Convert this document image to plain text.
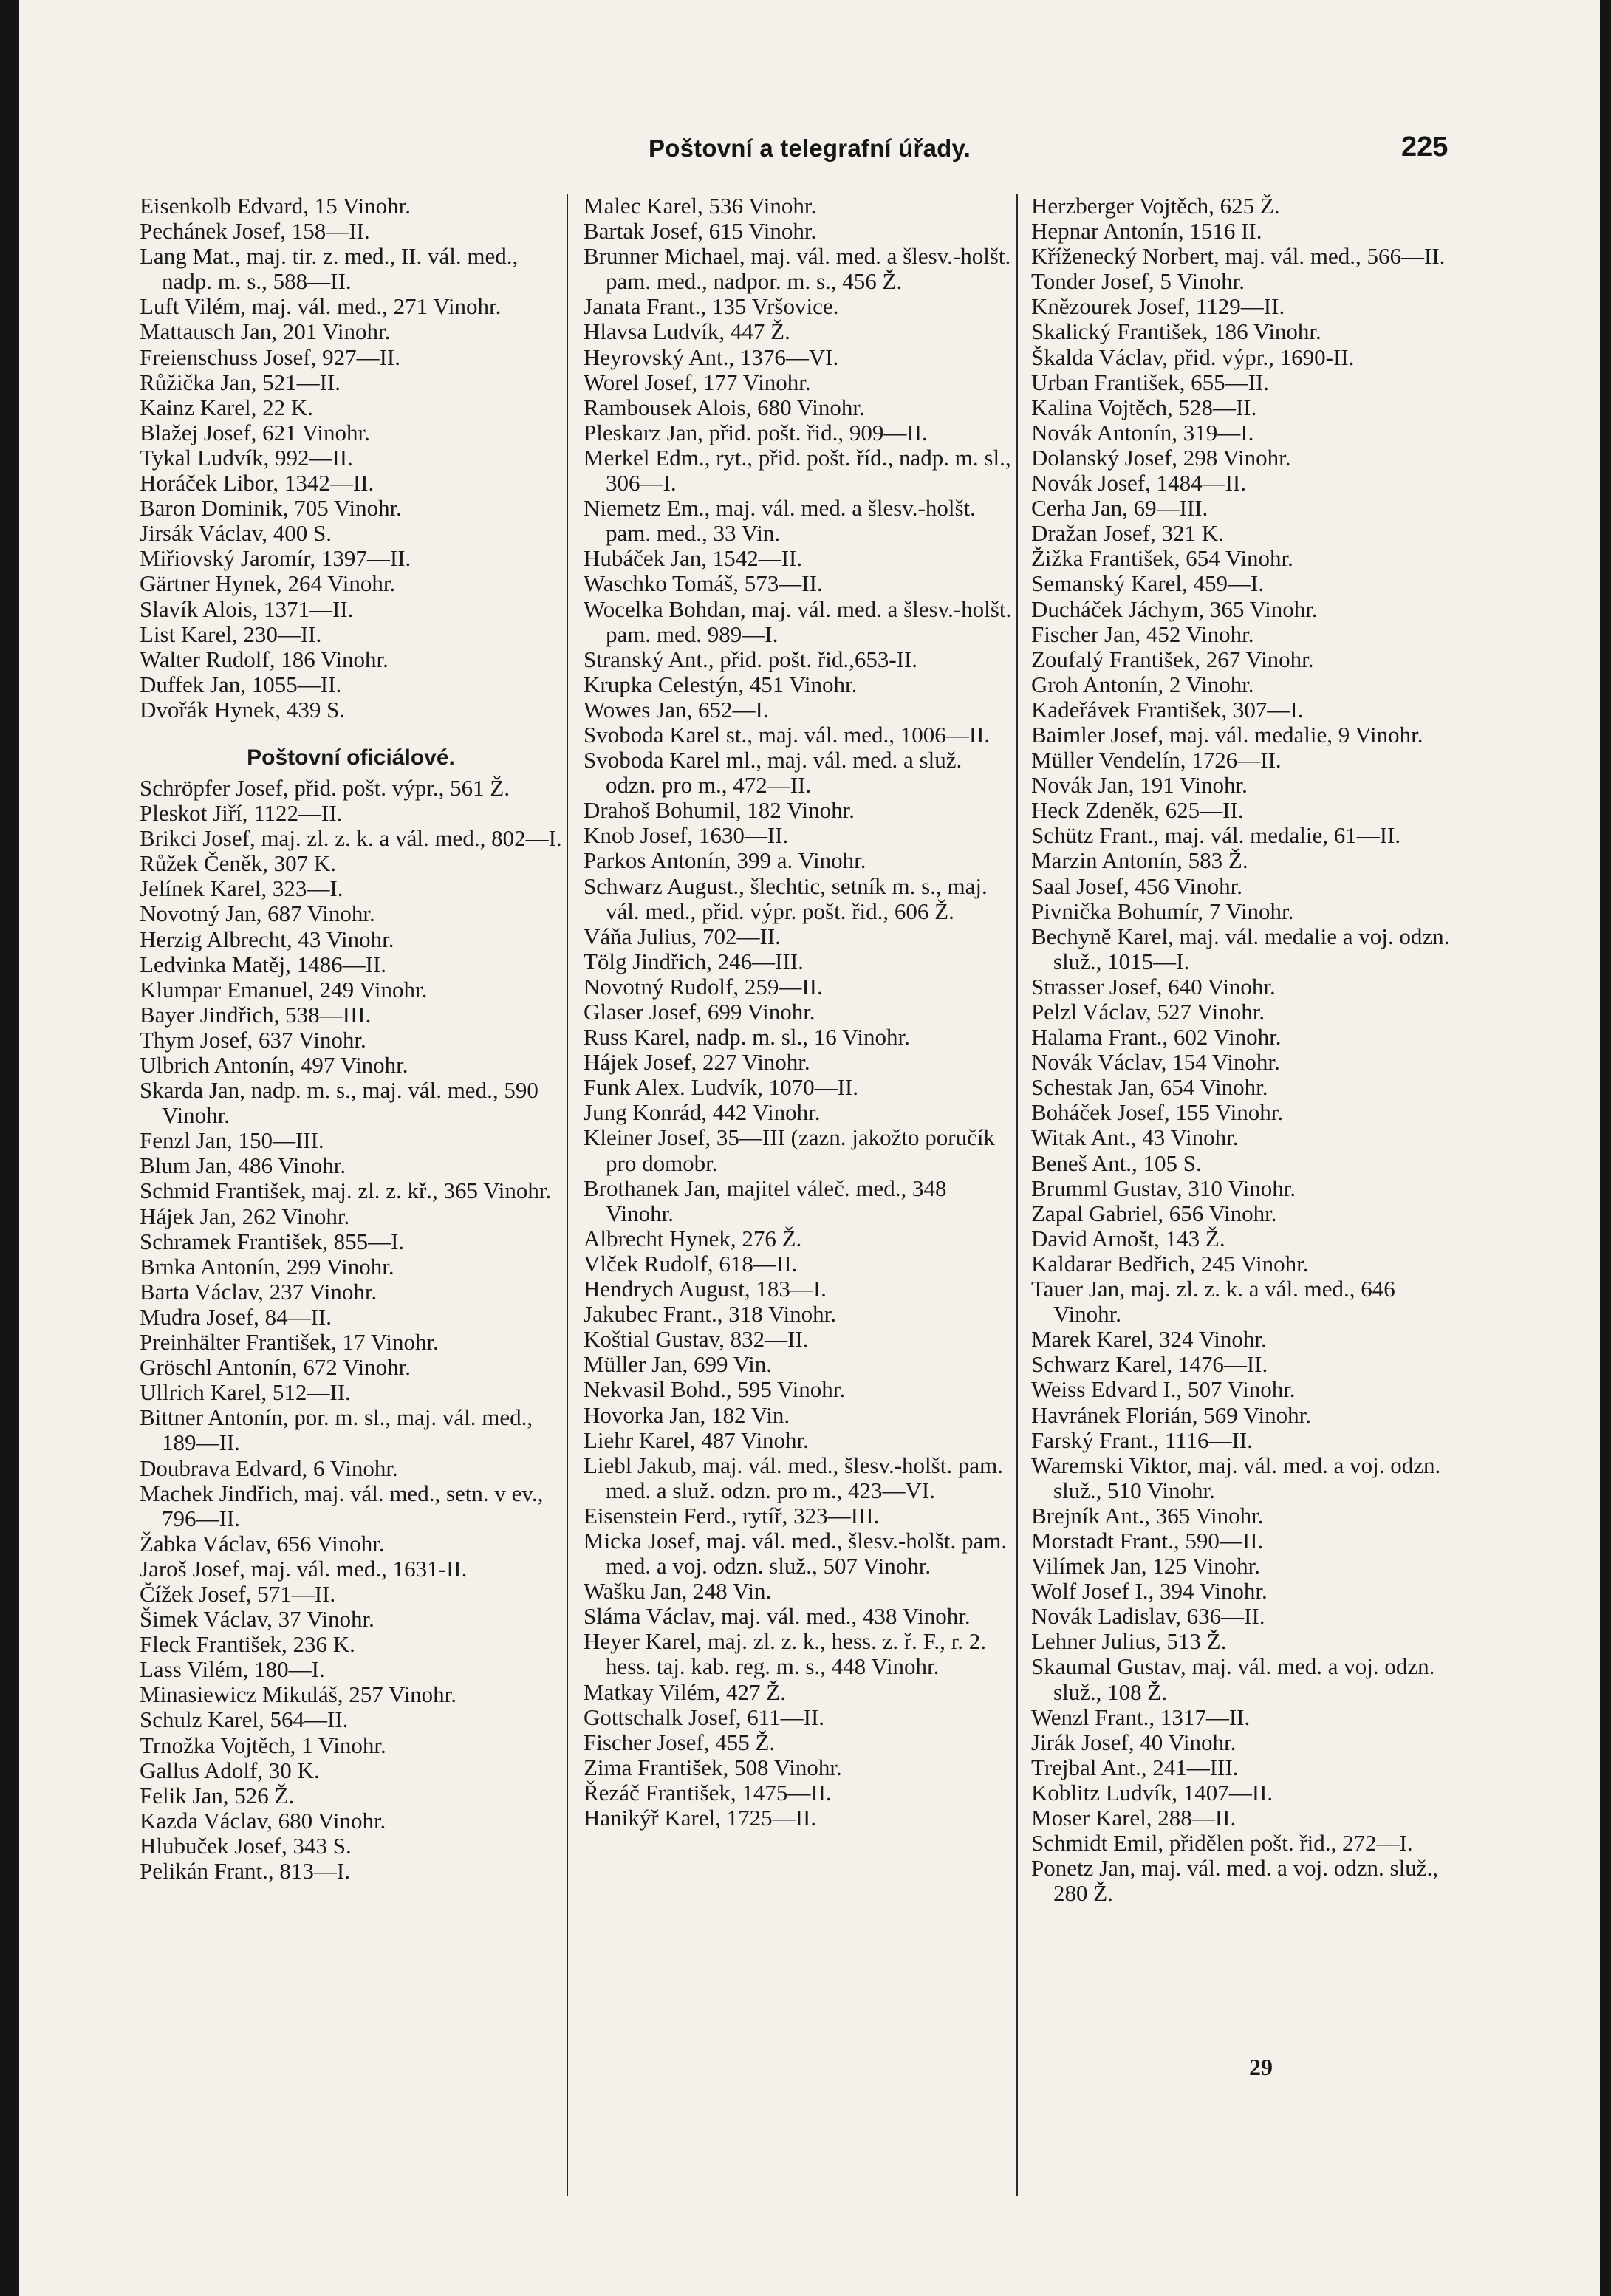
Poštovní a telegrafní úřady.	225

Eisenkolb Edvard, 15 Vinohr.

Pechánek Josef, 158—II.

Lang Mat., maj. tir. z. med., II. vál. med., nadp. m. s., 588—II.

Luft Vilém, maj. vál. med., 271 Vinohr.

Mattausch Jan, 201 Vinohr.

Freienschuss Josef, 927—II.

Růžička Jan, 521—II.

Kainz Karel, 22 K.

Blažej Josef, 621 Vinohr.

Tykal Ludvík, 992—II.

Horáček Libor, 1342—II.

Baron Dominik, 705 Vinohr.

Jirsák Václav, 400 S.

Miřiovský Jaromír, 1397—II.

Gärtner Hynek, 264 Vinohr.

Slavík Alois, 1371—II.

List Karel, 230—II.

Walter Rudolf, 186 Vinohr.

Duffek Jan, 1055—II.

Dvořák Hynek, 439 S.

Poštovní oficiálové.

Schröpfer Josef, přid. pošt. výpr., 561 Ž.

Pleskot Jiří, 1122—II.

Brikci Josef, maj. zl. z. k. a vál. med., 802—I.

Růžek Čeněk, 307 K.

Jelínek Karel, 323—I.

Novotný Jan, 687 Vinohr.

Herzig Albrecht, 43 Vinohr.

Ledvinka Matěj, 1486—II.

Klumpar Emanuel, 249 Vinohr.

Bayer Jindřich, 538—III.

Thym Josef, 637 Vinohr.

Ulbrich Antonín, 497 Vinohr.

Skarda Jan, nadp. m. s., maj. vál. med., 590 Vinohr.

Fenzl Jan, 150—III.

Blum Jan, 486 Vinohr.

Schmid František, maj. zl. z. kř., 365 Vinohr.

Hájek Jan, 262 Vinohr.

Schramek František, 855—I.

Brnka Antonín, 299 Vinohr.

Barta Václav, 237 Vinohr.

Mudra Josef, 84—II.

Preinhälter František, 17 Vinohr.

Gröschl Antonín, 672 Vinohr.

Ullrich Karel, 512—II.

Bittner Antonín, por. m. sl., maj. vál. med., 189—II.

Doubrava Edvard, 6 Vinohr.

Machek Jindřich, maj. vál. med., setn. v ev., 796—II.

Žabka Václav, 656 Vinohr.

Jaroš Josef, maj. vál. med., 1631-II.

Čížek Josef, 571—II.

Šimek Václav, 37 Vinohr.

Fleck František, 236 K.

Lass Vilém, 180—I.

Minasiewicz Mikuláš, 257 Vinohr.

Schulz Karel, 564—II.

Trnožka Vojtěch, 1 Vinohr.

Gallus Adolf, 30 K.

Felik Jan, 526 Ž.

Kazda Václav, 680 Vinohr.

Hlubuček Josef, 343 S.

Pelikán Frant., 813—I.

Malec Karel, 536 Vinohr.

Bartak Josef, 615 Vinohr.

Brunner Michael, maj. vál. med. a šlesv.-holšt. pam. med., nadpor. m. s., 456 Ž.

Janata Frant., 135 Vršovice.

Hlavsa Ludvík, 447 Ž.

Heyrovský Ant., 1376—VI.

Worel Josef, 177 Vinohr.

Rambousek Alois, 680 Vinohr.

Pleskarz Jan, přid. pošt. řid., 909—II.

Merkel Edm., ryt., přid. pošt. říd., nadp. m. sl., 306—I.

Niemetz Em., maj. vál. med. a šlesv.-holšt. pam. med., 33 Vin.

Hubáček Jan, 1542—II.

Waschko Tomáš, 573—II.

Wocelka Bohdan, maj. vál. med. a šlesv.-holšt. pam. med. 989—I.

Stranský Ant., přid. pošt. řid.,653-II.

Krupka Celestýn, 451 Vinohr.

Wowes Jan, 652—I.

Svoboda Karel st., maj. vál. med., 1006—II.

Svoboda Karel ml., maj. vál. med. a služ. odzn. pro m., 472—II.

Drahoš Bohumil, 182 Vinohr.

Knob Josef, 1630—II.

Parkos Antonín, 399 a. Vinohr.

Schwarz August., šlechtic, setník m. s., maj. vál. med., přid. výpr. pošt. řid., 606 Ž.

Váňa Julius, 702—II.

Tölg Jindřich, 246—III.

Novotný Rudolf, 259—II.

Glaser Josef, 699 Vinohr.

Russ Karel, nadp. m. sl., 16 Vinohr.

Hájek Josef, 227 Vinohr.

Funk Alex. Ludvík, 1070—II.

Jung Konrád, 442 Vinohr.

Kleiner Josef, 35—III (zazn. jakožto poručík pro domobr.

Brothanek Jan, majitel váleč. med., 348 Vinohr.

Albrecht Hynek, 276 Ž.

Vlček Rudolf, 618—II.

Hendrych August, 183—I.

Jakubec Frant., 318 Vinohr.

Koštial Gustav, 832—II.

Müller Jan, 699 Vin.

Nekvasil Bohd., 595 Vinohr.

Hovorka Jan, 182 Vin.

Liehr Karel, 487 Vinohr.

Liebl Jakub, maj. vál. med., šlesv.-holšt. pam. med. a služ. odzn. pro m., 423—VI.

Eisenstein Ferd., rytíř, 323—III.

Micka Josef, maj. vál. med., šlesv.-holšt. pam. med. a voj. odzn. služ., 507 Vinohr.

Wašku Jan, 248 Vin.

Sláma Václav, maj. vál. med., 438 Vinohr.

Heyer Karel, maj. zl. z. k., hess. z. ř. F., r. 2. hess. taj. kab. reg. m. s., 448 Vinohr.

Matkay Vilém, 427 Ž.

Gottschalk Josef, 611—II.

Fischer Josef, 455 Ž.

Zima František, 508 Vinohr.

Řezáč František, 1475—II.

Hanikýř Karel, 1725—II.

Herzberger Vojtěch, 625 Ž.

Hepnar Antonín, 1516 II.

Kříženecký Norbert, maj. vál. med., 566—II.

Tonder Josef, 5 Vinohr.

Knězourek Josef, 1129—II.

Skalický František, 186 Vinohr.

Škalda Václav, přid. výpr., 1690-II.

Urban František, 655—II.

Kalina Vojtěch, 528—II.

Novák Antonín, 319—I.

Dolanský Josef, 298 Vinohr.

Novák Josef, 1484—II.

Cerha Jan, 69—III.

Dražan Josef, 321 K.

Žižka František, 654 Vinohr.

Semanský Karel, 459—I.

Ducháček Jáchym, 365 Vinohr.

Fischer Jan, 452 Vinohr.

Zoufalý František, 267 Vinohr.

Groh Antonín, 2 Vinohr.

Kadeřávek František, 307—I.

Baimler Josef, maj. vál. medalie, 9 Vinohr.

Müller Vendelín, 1726—II.

Novák Jan, 191 Vinohr.

Heck Zdeněk, 625—II.

Schütz Frant., maj. vál. medalie, 61—II.

Marzin Antonín, 583 Ž.

Saal Josef, 456 Vinohr.

Pivnička Bohumír, 7 Vinohr.

Bechyně Karel, maj. vál. medalie a voj. odzn. služ., 1015—I.

Strasser Josef, 640 Vinohr.

Pelzl Václav, 527 Vinohr.

Halama Frant., 602 Vinohr.

Novák Václav, 154 Vinohr.

Schestak Jan, 654 Vinohr.

Boháček Josef, 155 Vinohr.

Witak Ant., 43 Vinohr.

Beneš Ant., 105 S.

Brumml Gustav, 310 Vinohr.

Zapal Gabriel, 656 Vinohr.

David Arnošt, 143 Ž.

Kaldarar Bedřich, 245 Vinohr.

Tauer Jan, maj. zl. z. k. a vál. med., 646 Vinohr.

Marek Karel, 324 Vinohr.

Schwarz Karel, 1476—II.

Weiss Edvard I., 507 Vinohr.

Havránek Florián, 569 Vinohr.

Farský Frant., 1116—II.

Waremski Viktor, maj. vál. med. a voj. odzn. služ., 510 Vinohr.

Brejník Ant., 365 Vinohr.

Morstadt Frant., 590—II.

Vilímek Jan, 125 Vinohr.

Wolf Josef I., 394 Vinohr.

Novák Ladislav, 636—II.

Lehner Julius, 513 Ž.

Skaumal Gustav, maj. vál. med. a voj. odzn. služ., 108 Ž.

Wenzl Frant., 1317—II.

Jirák Josef, 40 Vinohr.

Trejbal Ant., 241—III.

Koblitz Ludvík, 1407—II.

Moser Karel, 288—II.

Schmidt Emil, přidělen pošt. řid., 272—I.

Ponetz Jan, maj. vál. med. a voj. odzn. služ., 280 Ž.

29
